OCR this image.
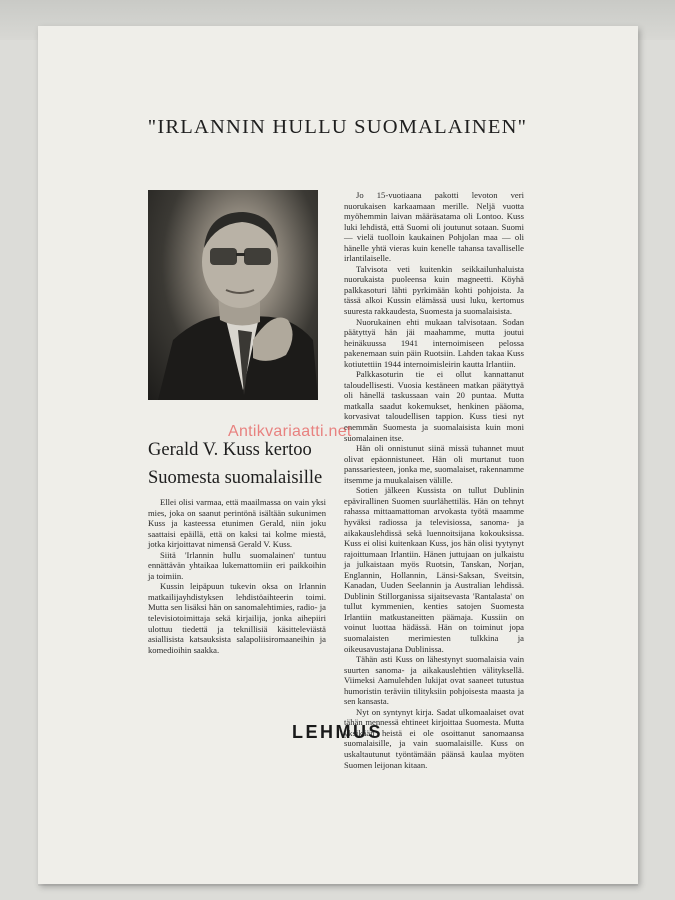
"IRLANNIN HULLU SUOMALAINEN"
Gerald V. Kuss kertoo
Suomesta suomalaisille

Ellei olisi varmaa, että maailmassa on vain yksi mies, joka on saanut perintönä isältään sukunimen Kuss ja kasteessa etunimen Gerald, niin joku saattaisi epäillä, että on kaksi tai kolme miestä, jotka kirjoittavat nimensä Gerald V. Kuss.

Siitä 'Irlannin hullu suomalainen' tuntuu ennättävän yhtaikaa lukemattomiin eri paikkoihin ja toimiin.

Kussin leipäpuun tukevin oksa on Irlannin matkailijayhdistyksen lehdistöaihteerin toimi. Mutta sen lisäksi hän on sanomalehtimies, radio- ja televisiotoimittaja sekä kirjailija, jonka aihepiiri ulottuu tiedettä ja teknillisiä käsitteleviästä asiallisista katsauksista salapoliisiromaaneihin ja komedioihin saakka.

Jo 15-vuotiaana pakotti levoton veri nuorukaisen karkaamaan merille. Neljä vuotta myöhemmin laivan määräsatama oli Lontoo. Kuss luki lehdistä, että Suomi oli joutunut sotaan. Suomi — vielä tuolloin kaukainen Pohjolan maa — oli hänelle yhtä vieras kuin kenelle tahansa tavalliselle irlantilaiselle.

Talvisota veti kuitenkin seikkailunhaluista nuorukaista puoleensa kuin magneetti. Köyhä palkkasoturi lähti pyrkimään kohti pohjoista. Ja tässä alkoi Kussin elämässä uusi luku, kertomus suuresta rakkaudesta, Suomesta ja suomalaisista.

Nuorukainen ehti mukaan talvisotaan. Sodan päätyttyä hän jäi maahamme, mutta joutui heinäkuussa 1941 internoimiseen pelossa pakenemaan suin päin Ruotsiin. Lahden takaa Kuss kotiutettiin 1944 internoimisleirin kautta Irlantiin.

Palkkasoturin tie ei ollut kannattanut taloudellisesti. Vuosia kestäneen matkan päätyttyä oli hänellä taskussaan vain 20 puntaa. Mutta matkalla saadut kokemukset, henkinen pääoma, korvasivat taloudellisen tappion. Kuss tiesi nyt enemmän Suomesta ja suomalaisista kuin moni suomalainen itse.

Hän oli onnistunut siinä missä tuhannet muut olivat epäonnistuneet. Hän oli murtanut tuon panssariesteen, jonka me, suomalaiset, rakennamme itsemme ja muukalaisen välille.

Sotien jälkeen Kussista on tullut Dublinin epävirallinen Suomen suurlähettiläs. Hän on tehnyt rahassa mittaamattoman arvokasta työtä maamme hyväksi radiossa ja televisiossa, sanoma- ja aikakauslehdissä sekä luennoitsijana kokouksissa. Kuss ei olisi kuitenkaan Kuss, jos hän olisi tyytynyt rajoittumaan Irlantiin. Hänen juttujaan on julkaistu ja julkaistaan myös Ruotsin, Tanskan, Norjan, Englannin, Hollannin, Länsi-Saksan, Sveitsin, Kanadan, Uuden Seelannin ja Australian lehdissä. Dublinin Stillorganissa sijaitsevasta 'Rantalasta' on tullut kymmenien, kenties satojen Suomesta Irlantiin matkustaneitten päämaja. Kussiin on voinut luottaa hädässä. Hän on toiminut jopa suomalaisten merimiesten tulkkina ja oikeusavustajana Dublinissa.

Tähän asti Kuss on lähestynyt suomalaisia vain suurten sanoma- ja aikakauslehtien välityksellä. Viimeksi Aamulehden lukijat ovat saaneet tutustua humoristin teräviin tilityksiin pohjoisesta maasta ja sen kansasta.

Nyt on syntynyt kirja. Sadat ulkomaalaiset ovat tähän mennessä ehtineet kirjoittaa Suomesta. Mutta yksikään heistä ei ole osoittanut sanomaansa suomalaisille, ja vain suomalaisille. Kuss on uskaltautunut työntämään päänsä kaulaa myöten Suomen leijonan kitaan.

Antikvariaatti.net
LEHMUS
